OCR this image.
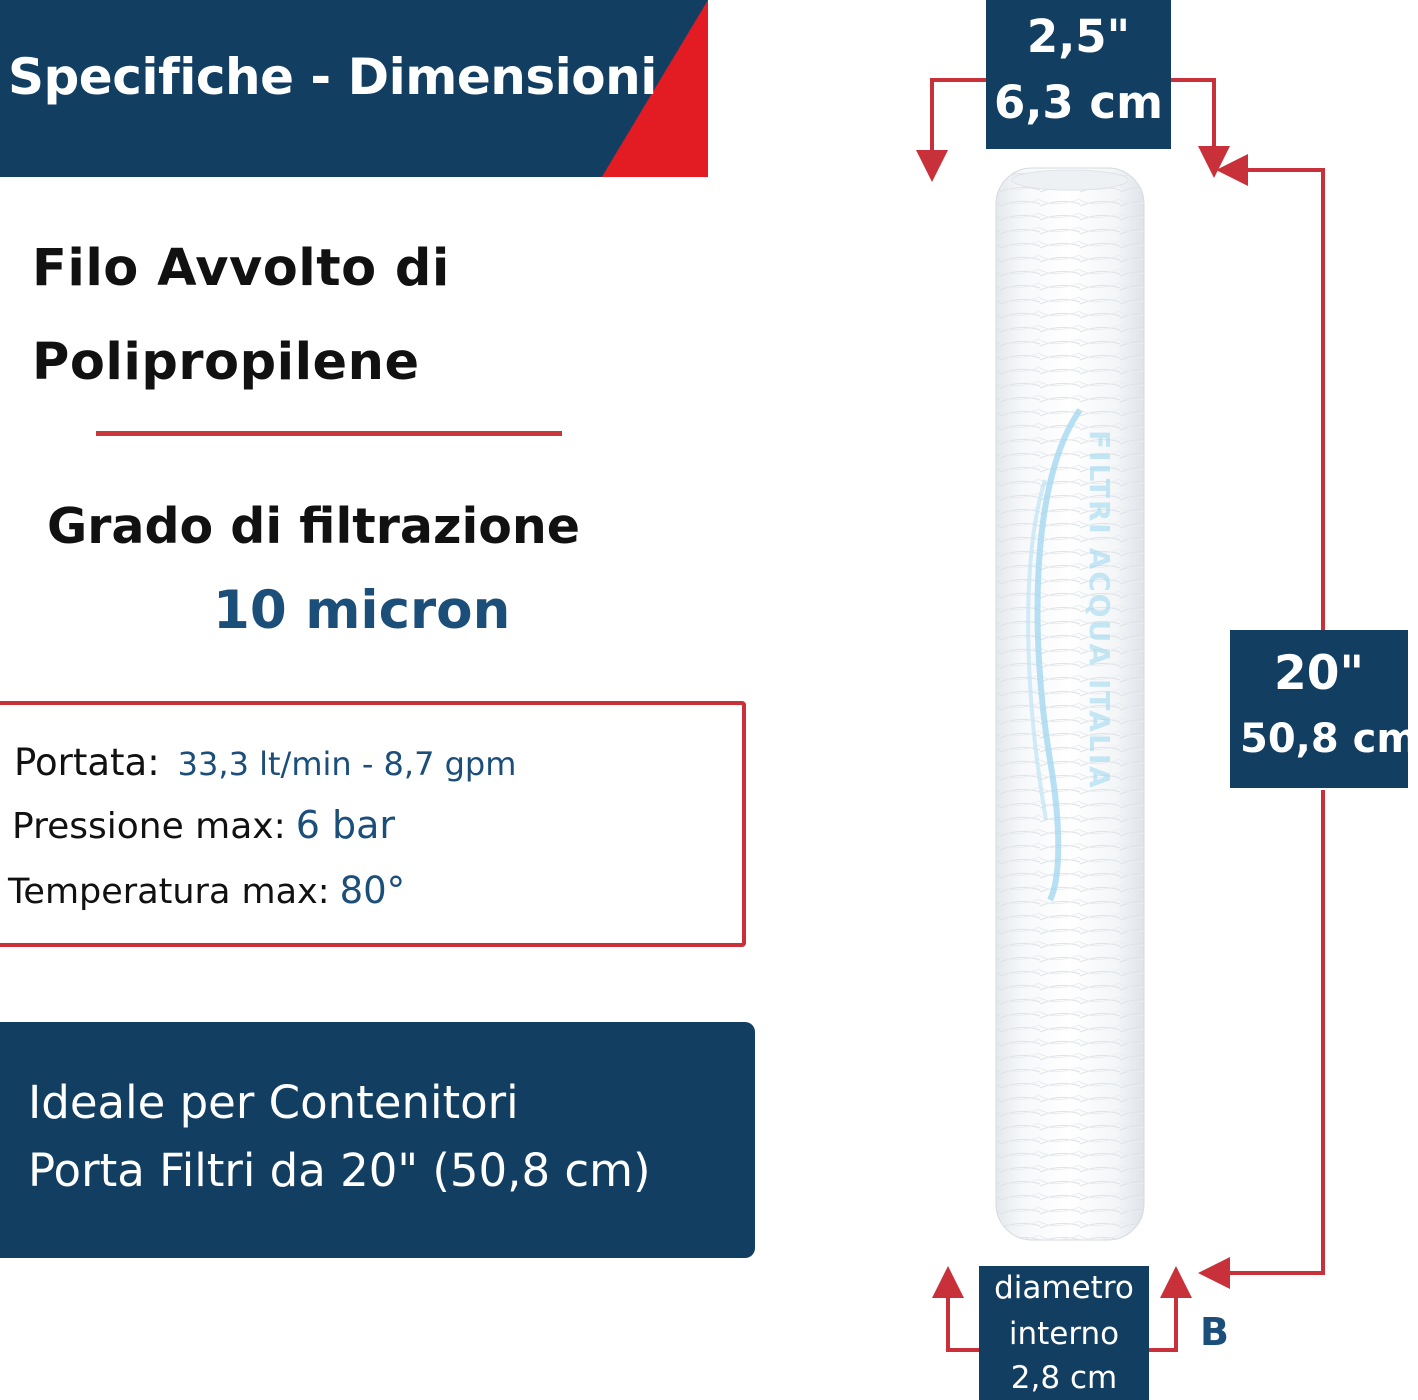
Specifiche - Dimensioni
Filo Avvolto di
Polipropilene
Grado di filtrazione
10 micron
Portata: 33,3 lt/min - 8,7 gpm
Pressione max: 6 bar
Temperatura max: 80°
Ideale per Contenitori
Porta Filtri da 20" (50,8 cm)
FILTRI ACQUA ITALIA
2,5"
6,3 cm
20"
50,8 cm
diametro
interno
2,8 cm
B
